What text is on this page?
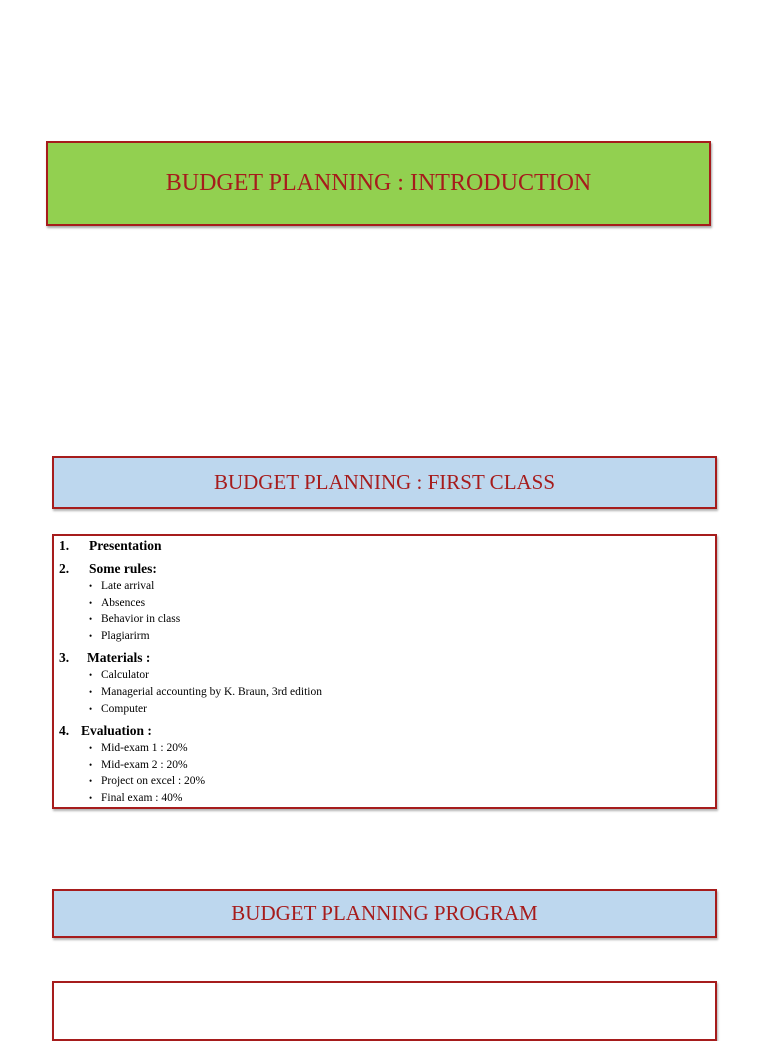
BUDGET PLANNING : INTRODUCTION
BUDGET PLANNING : FIRST CLASS
1.	Presentation
2.	Some rules:
• Late arrival
• Absences
• Behavior in class
• Plagiarirm
3.	Materials :
• Calculator
• Managerial accounting by K. Braun, 3rd edition
• Computer
4. Evaluation :
• Mid-exam 1 : 20%
• Mid-exam 2 : 20%
• Project on excel : 20%
• Final exam : 40%
BUDGET PLANNING PROGRAM
